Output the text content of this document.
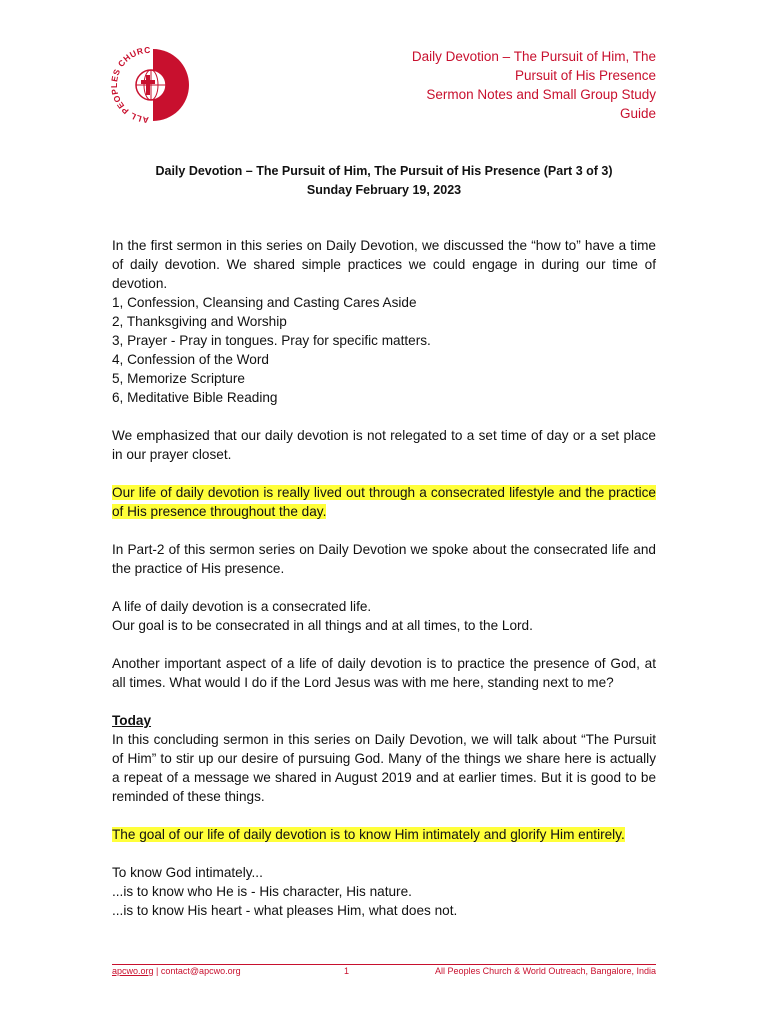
ALL PEOPLES CHURC	Daily Devotion – The Pursuit of Him, The
Pursuit of His Presence
Sermon Notes and Small Group Study
Guide
Daily Devotion – The Pursuit of Him, The Pursuit of His Presence (Part 3 of 3)
Sunday February 19, 2023

In the first sermon in this series on Daily Devotion, we discussed the “how to” have a time of daily devotion. We shared simple practices we could engage in during our time of devotion.

1, Confession, Cleansing and Casting Cares Aside
2, Thanksgiving and Worship
3, Prayer - Pray in tongues. Pray for specific matters.
4, Confession of the Word
5, Memorize Scripture
6, Meditative Bible Reading

We emphasized that our daily devotion is not relegated to a set time of day or a set place in our prayer closet.

Our life of daily devotion is really lived out through a consecrated lifestyle and the practice of His presence throughout the day.

In Part-2 of this sermon series on Daily Devotion we spoke about the consecrated life and the practice of His presence.

A life of daily devotion is a consecrated life.
Our goal is to be consecrated in all things and at all times, to the Lord.

Another important aspect of a life of daily devotion is to practice the presence of God, at all times. What would I do if the Lord Jesus was with me here, standing next to me?

Today

In this concluding sermon in this series on Daily Devotion, we will talk about “The Pursuit of Him” to stir up our desire of pursuing God. Many of the things we share here is actually a repeat of a message we shared in August 2019 and at earlier times. But it is good to be reminded of these things.

The goal of our life of daily devotion is to know Him intimately and glorify Him entirely.

To know God intimately...
...is to know who He is - His character, His nature.
...is to know His heart - what pleases Him, what does not.
apcwo.org | contact@apcwo.org	1	All Peoples Church & World Outreach, Bangalore, India
